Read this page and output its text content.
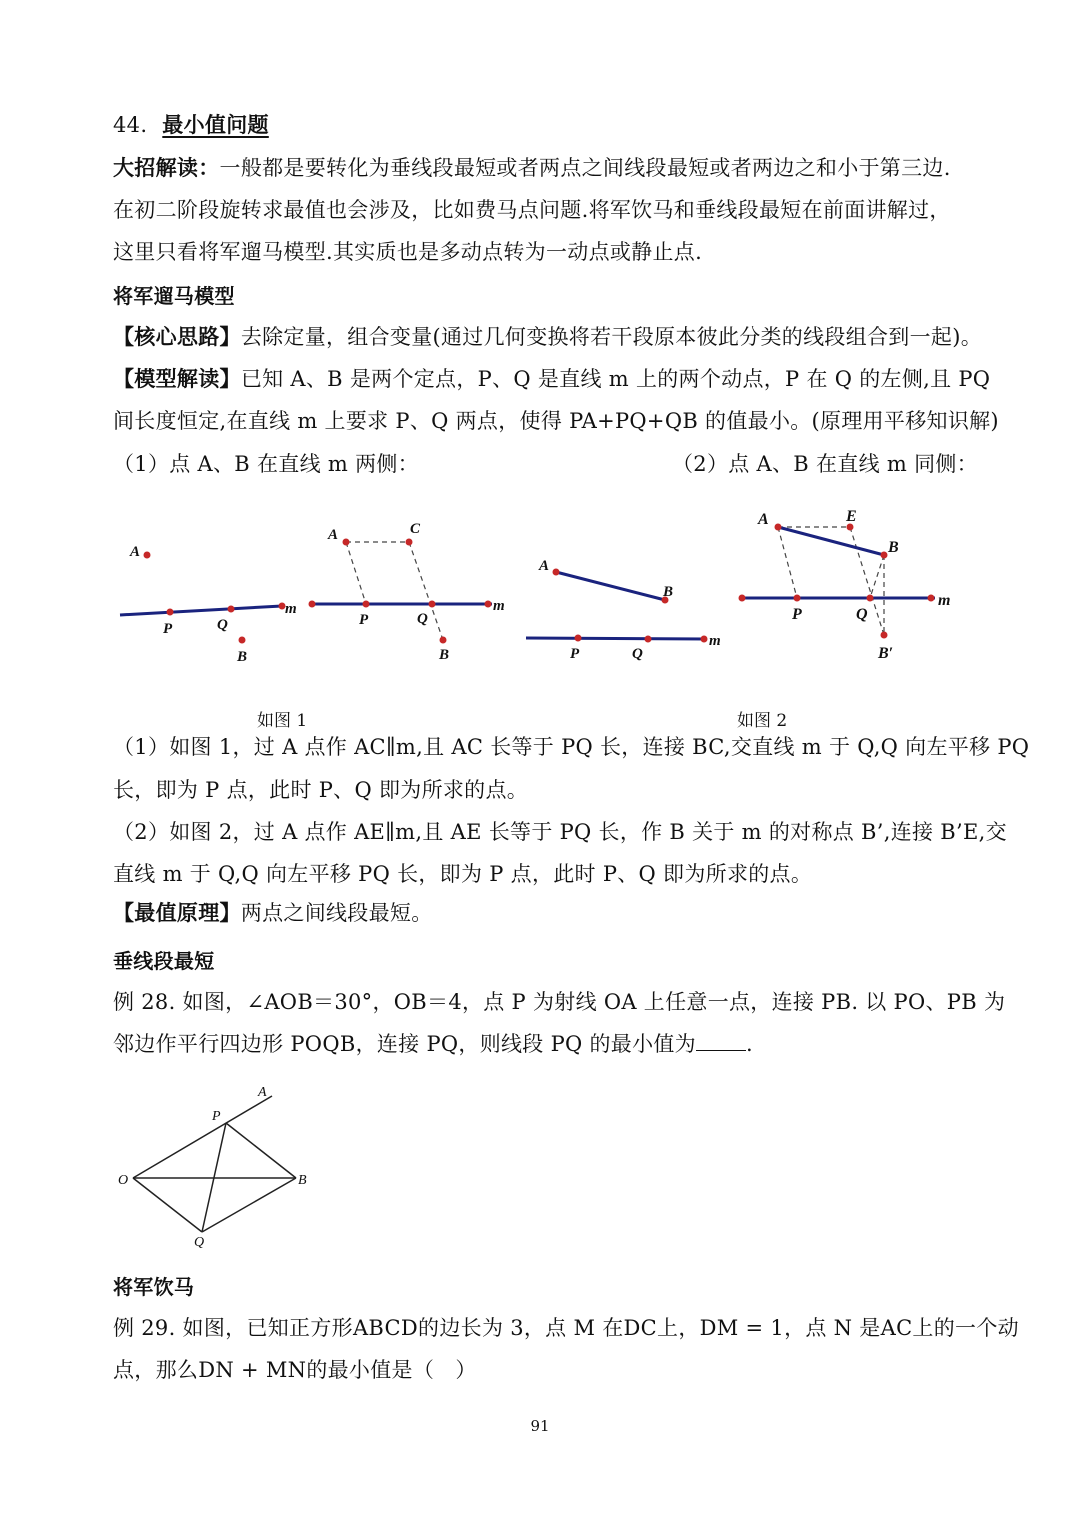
44. 最小值问题

大招解读：一般都是要转化为垂线段最短或者两点之间线段最短或者两边之和小于第三边.

在初二阶段旋转求最值也会涉及，比如费马点问题.将军饮马和垂线段最短在前面讲解过，

这里只看将军遛马模型.其实质也是多动点转为一动点或静止点.

将军遛马模型

【核心思路】去除定量，组合变量(通过几何变换将若干段原本彼此分类的线段组合到一起)。

【模型解读】已知 A、B 是两个定点，P、Q 是直线 m 上的两个动点，P 在 Q 的左侧,且 PQ

间长度恒定,在直线 m 上要求 P、Q 两点，使得 PA+PQ+QB 的值最小。(原理用平移知识解)

（1）点 A、B 在直线 m 两侧：	（2）点 A、B 在直线 m 同侧：

A
P	Q
m
B
A	C
P	Q
m
B
A
B
P	Q
m
A	E
B
P	Q
m
B′

如图 1	如图 2

（1）如图 1，过 A 点作 AC∥m,且 AC 长等于 PQ 长，连接 BC,交直线 m 于 Q,Q 向左平移 PQ

长，即为 P 点，此时 P、Q 即为所求的点。

（2）如图 2，过 A 点作 AE∥m,且 AE 长等于 PQ 长，作 B 关于 m 的对称点 B’,连接 B’E,交

直线 m 于 Q,Q 向左平移 PQ 长，即为 P 点，此时 P、Q 即为所求的点。

【最值原理】两点之间线段最短。

垂线段最短

例 28. 如图，∠AOB＝30°，OB＝4，点 P 为射线 OA 上任意一点，连接 PB. 以 PO、PB 为

邻边作平行四边形 POQB，连接 PQ，则线段 PQ 的最小值为 .

A
P
O	B
Q

将军饮马

例 29. 如图，已知正方形ABCD的边长为 3，点 M 在DC上，DM = 1，点 N 是AC上的一个动

点，那么DN + MN的最小值是（　）

91
